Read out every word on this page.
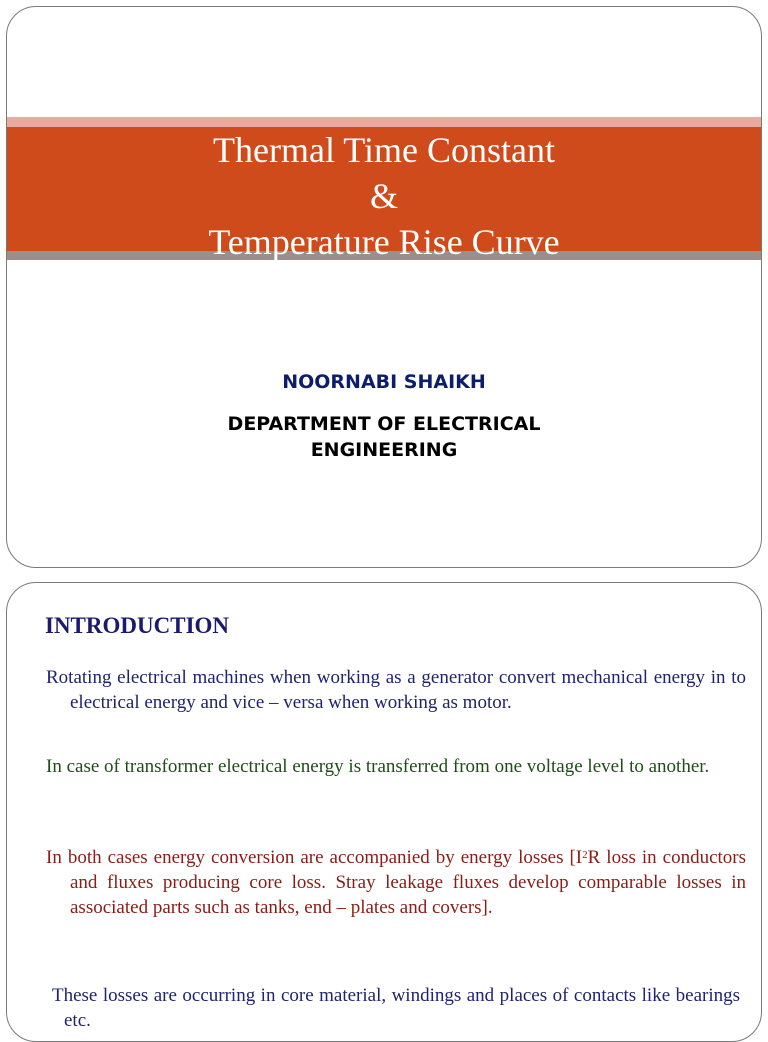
Thermal Time Constant
&
Temperature Rise Curve
NOORNABI SHAIKH
DEPARTMENT OF ELECTRICAL
ENGINEERING
INTRODUCTION
Rotating electrical machines when working as a generator convert mechanical energy in to electrical energy and vice – versa when working as motor.
In case of transformer electrical energy is transferred from one voltage level to another.
In both cases energy conversion are accompanied by energy losses [$I^2R$ loss in conductors and fluxes producing core loss. Stray leakage fluxes develop comparable losses in associated parts such as tanks, end – plates and covers].
These losses are occurring in core material, windings and places of contacts like bearings etc.
